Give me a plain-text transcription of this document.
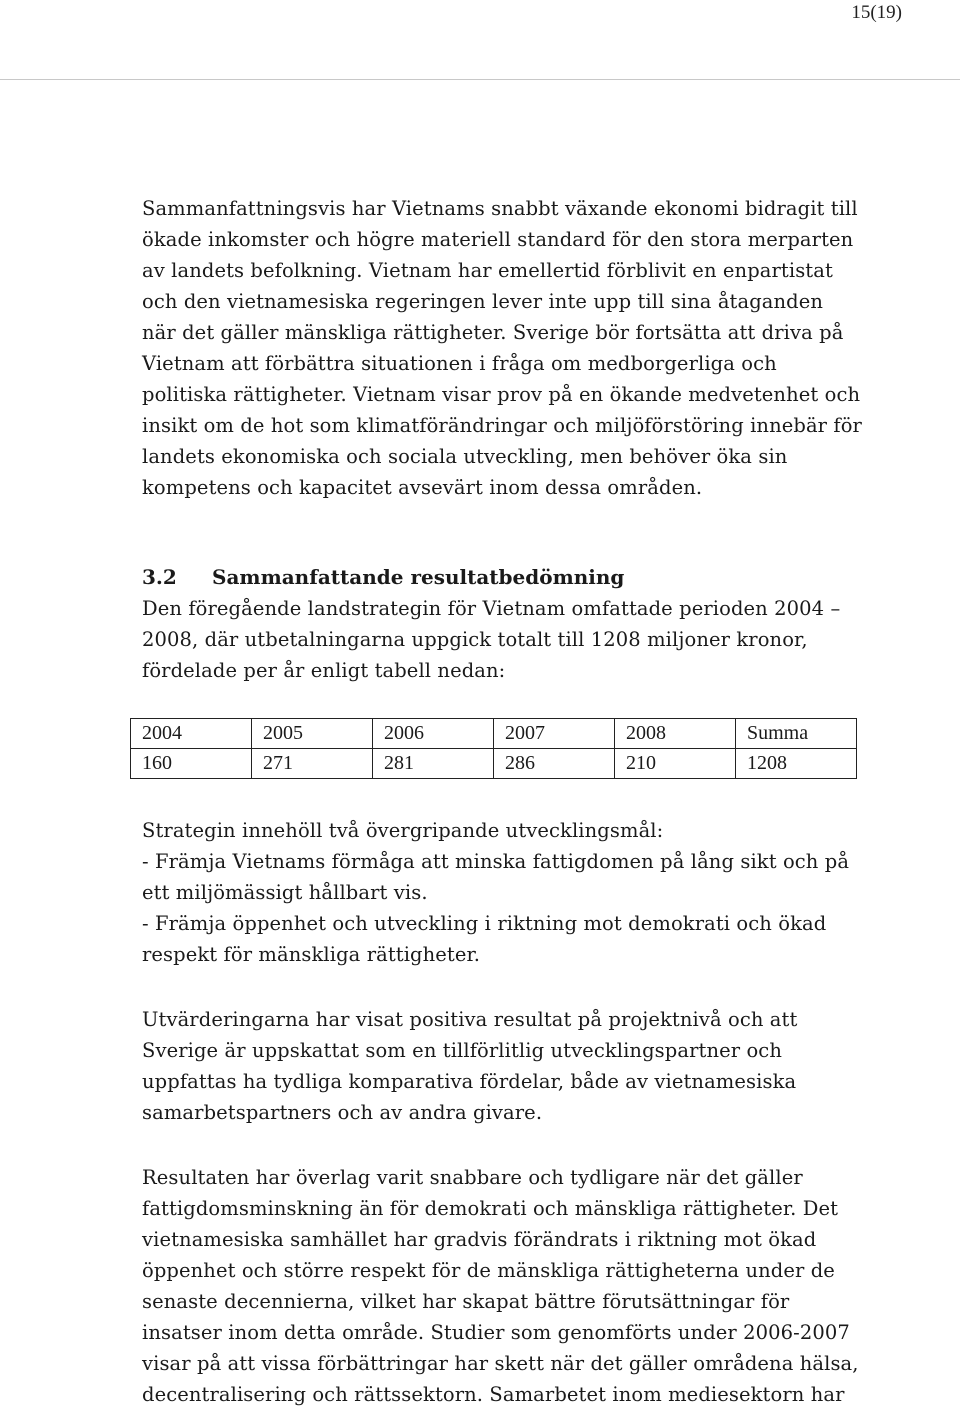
15(19)

Sammanfattningsvis har Vietnams snabbt växande ekonomi bidragit till ökade inkomster och högre materiell standard för den stora merparten av landets befolkning. Vietnam har emellertid förblivit en enpartistat och den vietnamesiska regeringen lever inte upp till sina åtaganden när det gäller mänskliga rättigheter. Sverige bör fortsätta att driva på Vietnam att förbättra situationen i fråga om medborgerliga och politiska rättigheter. Vietnam visar prov på en ökande medvetenhet och insikt om de hot som klimatförändringar och miljöförstöring innebär för landets ekonomiska och sociala utveckling, men behöver öka sin kompetens och kapacitet avsevärt inom dessa områden.

3.2	Sammanfattande resultatbedömning

Den föregående landstrategin för Vietnam omfattade perioden 2004 – 2008, där utbetalningarna uppgick totalt till 1208 miljoner kronor, fördelade per år enligt tabell nedan:

2004	2005	2006	2007	2008	Summa
160	271	281	286	210	1208

Strategin innehöll två övergripande utvecklingsmål:

- Främja Vietnams förmåga att minska fattigdomen på lång sikt och på ett miljömässigt hållbart vis.

- Främja öppenhet och utveckling i riktning mot demokrati och ökad respekt för mänskliga rättigheter.

Utvärderingarna har visat positiva resultat på projektnivå och att Sverige är uppskattat som en tillförlitlig utvecklingspartner och uppfattas ha tydliga komparativa fördelar, både av vietnamesiska samarbetspartners och av andra givare.

Resultaten har överlag varit snabbare och tydligare när det gäller fattigdomsminskning än för demokrati och mänskliga rättigheter. Det vietnamesiska samhället har gradvis förändrats i riktning mot ökad öppenhet och större respekt för de mänskliga rättigheterna under de senaste decennierna, vilket har skapat bättre förutsättningar för insatser inom detta område. Studier som genomförts under 2006-2007 visar på att vissa förbättringar har skett när det gäller områdena hälsa, decentralisering och rättssektorn. Samarbetet inom mediesektorn har
